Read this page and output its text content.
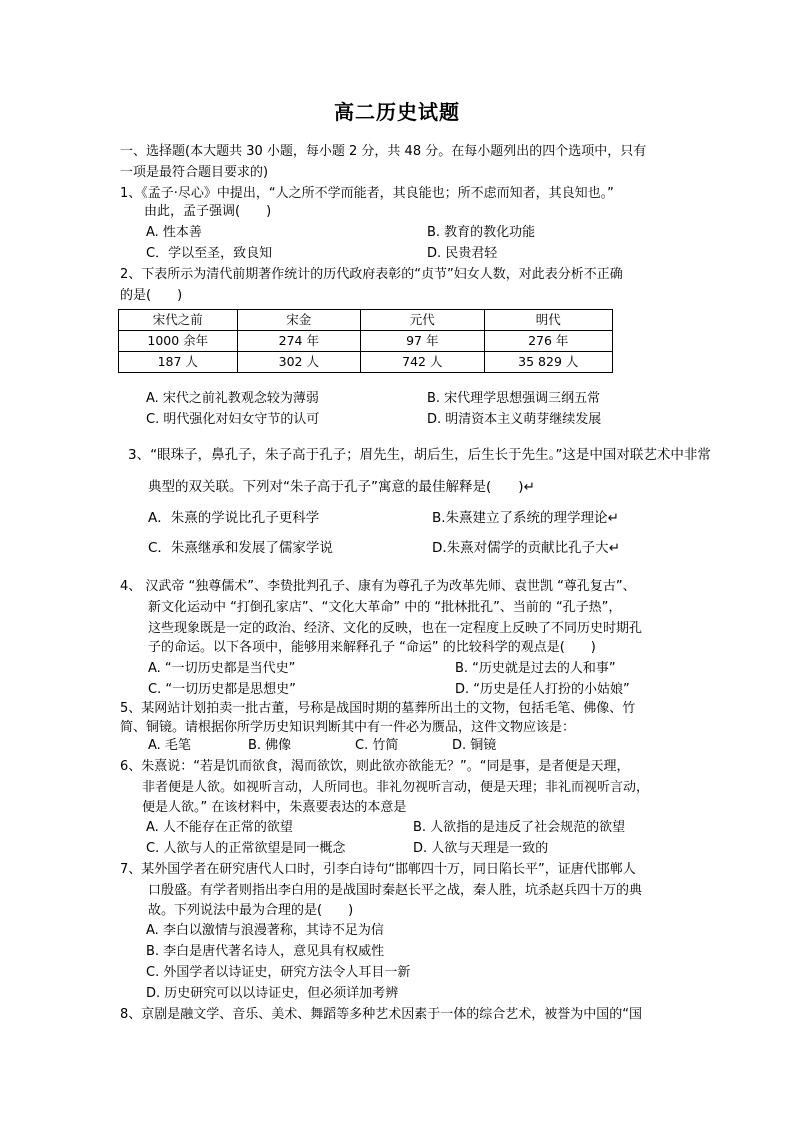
高二历史试题
一、选择题(本大题共 30 小题，每小题 2 分，共 48 分。在每小题列出的四个选项中，只有
一项是最符合题目要求的)
1、《孟子·尽心》中提出，“人之所不学而能者，其良能也；所不虑而知者，其良知也。”
由此，孟子强调(　　)
A. 性本善	B. 教育的教化功能
C．学以至圣，致良知	D. 民贵君轻
2、下表所示为清代前期著作统计的历代政府表彰的“贞节”妇女人数，对此表分析不正确
的是(　　)
宋代之前	宋金	元代	明代
1000 余年	274 年	97 年	276 年
187 人	302 人	742 人	35 829 人
A. 宋代之前礼教观念较为薄弱	B. 宋代理学思想强调三纲五常
C. 明代强化对妇女守节的认可	D. 明清资本主义萌芽继续发展
3、“眼珠子，鼻孔子，朱子高于孔子；眉先生，胡后生，后生长于先生。”这是中国对联艺术中非常
典型的双关联。下列对“朱子高于孔子”寓意的最佳解释是(　　)↵
A．朱熹的学说比孔子更科学	B.朱熹建立了系统的理学理论↵
C．朱熹继承和发展了儒家学说	D.朱熹对儒学的贡献比孔子大↵
4、 汉武帝 “独尊儒术”、李贽批判孔子、康有为尊孔子为改革先师、袁世凯 “尊孔复古”、
新文化运动中 “打倒孔家店”、“文化大革命” 中的 “批林批孔”、当前的 “孔子热”，
这些现象既是一定的政治、经济、文化的反映，也在一定程度上反映了不同历史时期孔
子的命运。以下各项中，能够用来解释孔子 “命运” 的比较科学的观点是(　　)
A. “一切历史都是当代史”	B. “历史就是过去的人和事”
C. “一切历史都是思想史”	D. “历史是任人打扮的小姑娘”
5、某网站计划拍卖一批古董，号称是战国时期的墓葬所出土的文物，包括毛笔、佛像、竹
简、铜镜。请根据你所学历史知识判断其中有一件必为赝品，这件文物应该是：
A. 毛笔	B. 佛像	C. 竹简	D. 铜镜
6、朱熹说：“若是饥而欲食，渴而欲饮，则此欲亦欲能无？”。“同是事，是者便是天理，
非者便是人欲。如视听言动，人所同也。非礼勿视听言动，便是天理；非礼而视听言动，
便是人欲。” 在该材料中，朱熹要表达的本意是
A. 人不能存在正常的欲望	B. 人欲指的是违反了社会规范的欲望
C. 人欲与人的正常欲望是同一概念	D. 人欲与天理是一致的
7、某外国学者在研究唐代人口时，引李白诗句“邯郸四十万，同日陷长平”，证唐代邯郸人
口殷盛。有学者则指出李白用的是战国时秦赵长平之战，秦人胜，坑杀赵兵四十万的典
故。下列说法中最为合理的是(　　)
A. 李白以激情与浪漫著称，其诗不足为信
B. 李白是唐代著名诗人，意见具有权威性
C. 外国学者以诗证史，研究方法令人耳目一新
D. 历史研究可以以诗证史，但必须详加考辨
8、京剧是融文学、音乐、美术、舞蹈等多种艺术因素于一体的综合艺术，被誉为中国的“国
